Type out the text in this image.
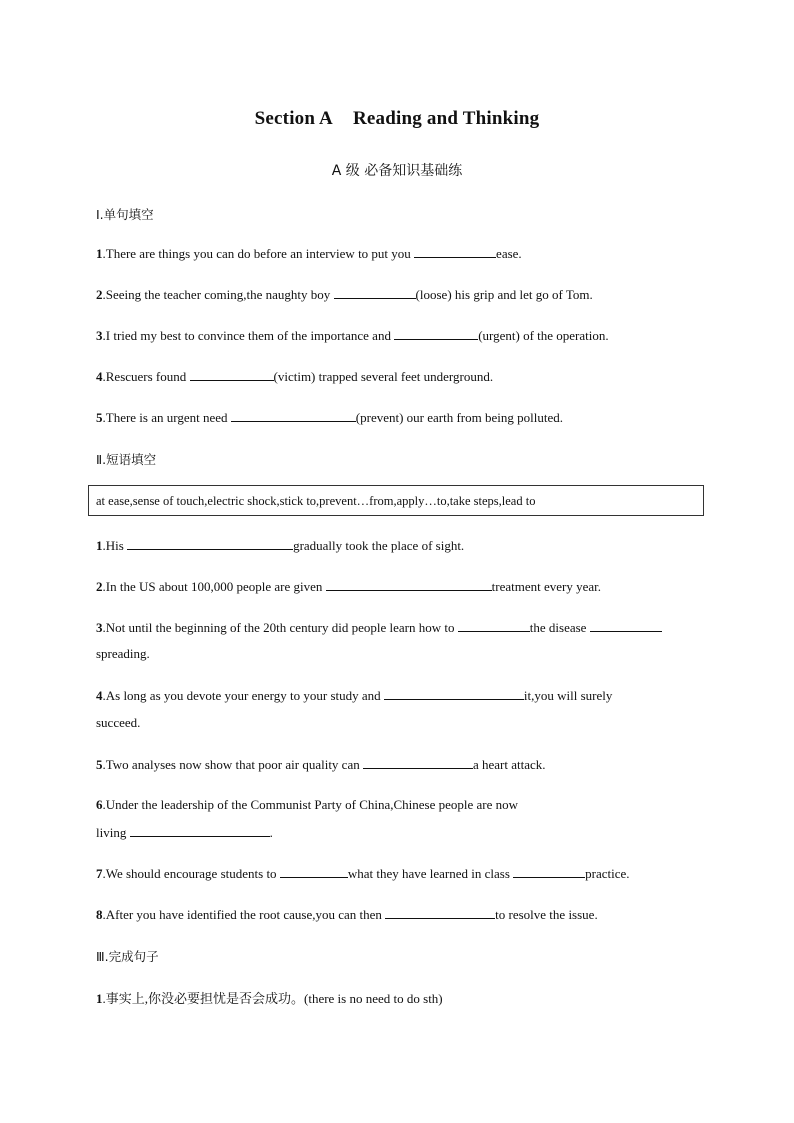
Section A Reading and Thinking
A 级 必备知识基础练
Ⅰ.单句填空
1.There are things you can do before an interview to put you	ease.
2.Seeing the teacher coming,the naughty boy	(loose) his grip and let go of Tom.
3.I tried my best to convince them of the importance and	(urgent) of the operation.
4.Rescuers found	(victim) trapped several feet underground.
5.There is an urgent need	(prevent) our earth from being polluted.
Ⅱ.短语填空
at ease,sense of touch,electric shock,stick to,prevent…from,apply…to,take steps,lead to
1.His	gradually took the place of sight.
2.In the US about 100,000 people are given	treatment every year.
3.Not until the beginning of the 20th century did people learn how to	the disease
spreading.
4.As long as you devote your energy to your study and	it,you will surely
succeed.
5.Two analyses now show that poor air quality can	a heart attack.
6.Under the leadership of the Communist Party of China,Chinese people are now
living	.
7.We should encourage students to	what they have learned in class	practice.
8.After you have identified the root cause,you can then	to resolve the issue.
Ⅲ.完成句子
1.事实上,你没必要担忧是否会成功。(there is no need to do sth)
